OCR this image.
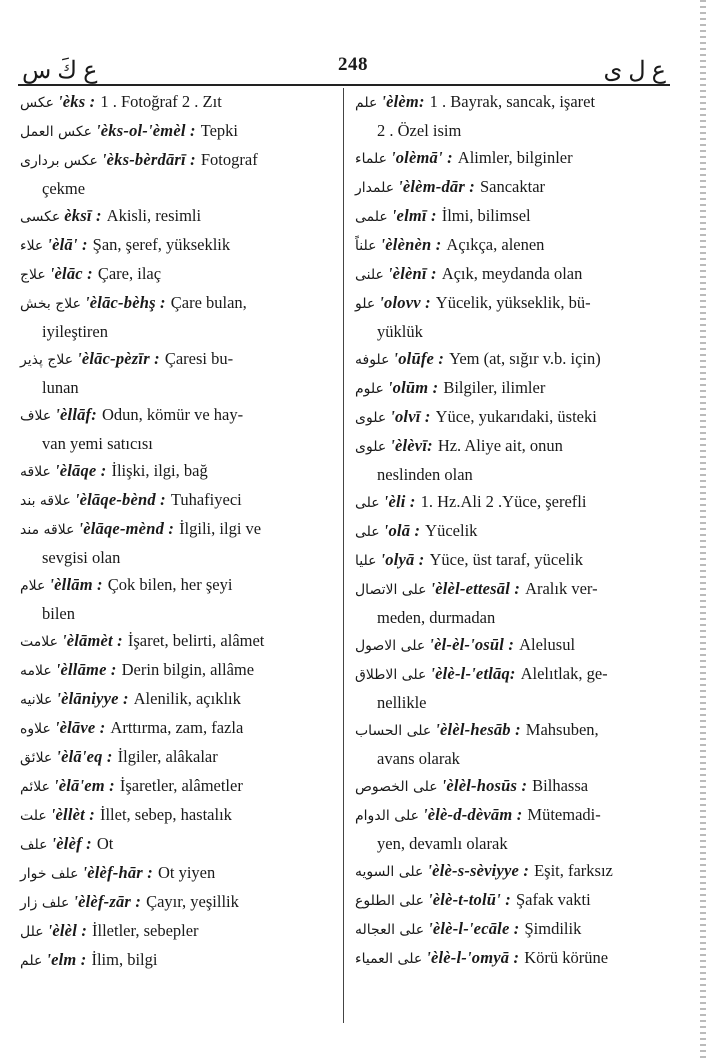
ع كَ س	248	ع ل ى
عكس 'èks : 1 . Fotoğraf 2 . Zıt
عكس العمل 'èks-ol-'èmèl : Tepki
عكس بردارى 'èks-bèrdārī : Fotograf
çekme
عكسى èksī : Akisli, resimli
علاء 'èlā' : Şan, şeref, yükseklik
علاج 'èlāc : Çare, ilaç
علاج بخش 'èlāc-bèhş : Çare bulan,
iyileştiren
علاج پذير 'èlāc-pèzīr : Çaresi bu-
lunan
علاف 'èllāf: Odun, kömür ve hay-
van yemi satıcısı
علاقه 'èlāqe : İlişki, ilgi, bağ
علاقه بند 'èlāqe-bènd : Tuhafiyeci
علاقه مند 'èlāqe-mènd : İlgili, ilgi ve
sevgisi olan
علام 'èllām : Çok bilen, her şeyi
bilen
علامت 'èlāmèt : İşaret, belirti, alâmet
علامه 'èllāme : Derin bilgin, allâme
علانيه 'èlāniyye : Alenilik, açıklık
علاوه 'èlāve : Arttırma, zam, fazla
علائق 'èlā'eq : İlgiler, alâkalar
علائم 'èlā'em : İşaretler, alâmetler
علت 'èllèt : İllet, sebep, hastalık
علف 'èlèf : Ot
علف خوار 'èlèf-hār : Ot yiyen
علف زار 'èlèf-zār : Çayır, yeşillik
علل 'èlèl : İlletler, sebepler
علم 'elm : İlim, bilgi
علم 'èlèm: 1 . Bayrak, sancak, işaret
2 . Özel isim
علماء 'olèmā' : Alimler, bilginler
علمدار 'èlèm-dār : Sancaktar
علمى 'elmī : İlmi, bilimsel
علناً 'èlènèn : Açıkça, alenen
علنى 'èlènī : Açık, meydanda olan
علو 'olovv : Yücelik, yükseklik, bü-
yüklük
علوفه 'olūfe : Yem (at, sığır v.b. için)
علوم 'olūm : Bilgiler, ilimler
علوى 'olvī : Yüce, yukarıdaki, üsteki
علوى 'èlèvī: Hz. Aliye ait, onun
neslinden olan
على 'èli : 1. Hz.Ali 2 .Yüce, şerefli
على 'olā : Yücelik
عليا 'olyā : Yüce, üst taraf, yücelik
على الاتصال 'èlèl-ettesāl : Aralık ver-
meden, durmadan
على الاصول 'èl-èl-'osūl : Alelusul
على الاطلاق 'èlè-l-'etlāq: Alelıtlak, ge-
nellikle
على الحساب 'èlèl-hesāb : Mahsuben,
avans olarak
على الخصوص 'èlèl-hosūs : Bilhassa
على الدوام 'èlè-d-dèvām : Mütemadi-
yen, devamlı olarak
على السويه 'èlè-s-sèviyye : Eşit, farksız
على الطلوع 'èlè-t-tolū' : Şafak vakti
على العجاله 'èlè-l-'ecāle : Şimdilik
على العمياء 'èlè-l-'omyā : Körü körüne
